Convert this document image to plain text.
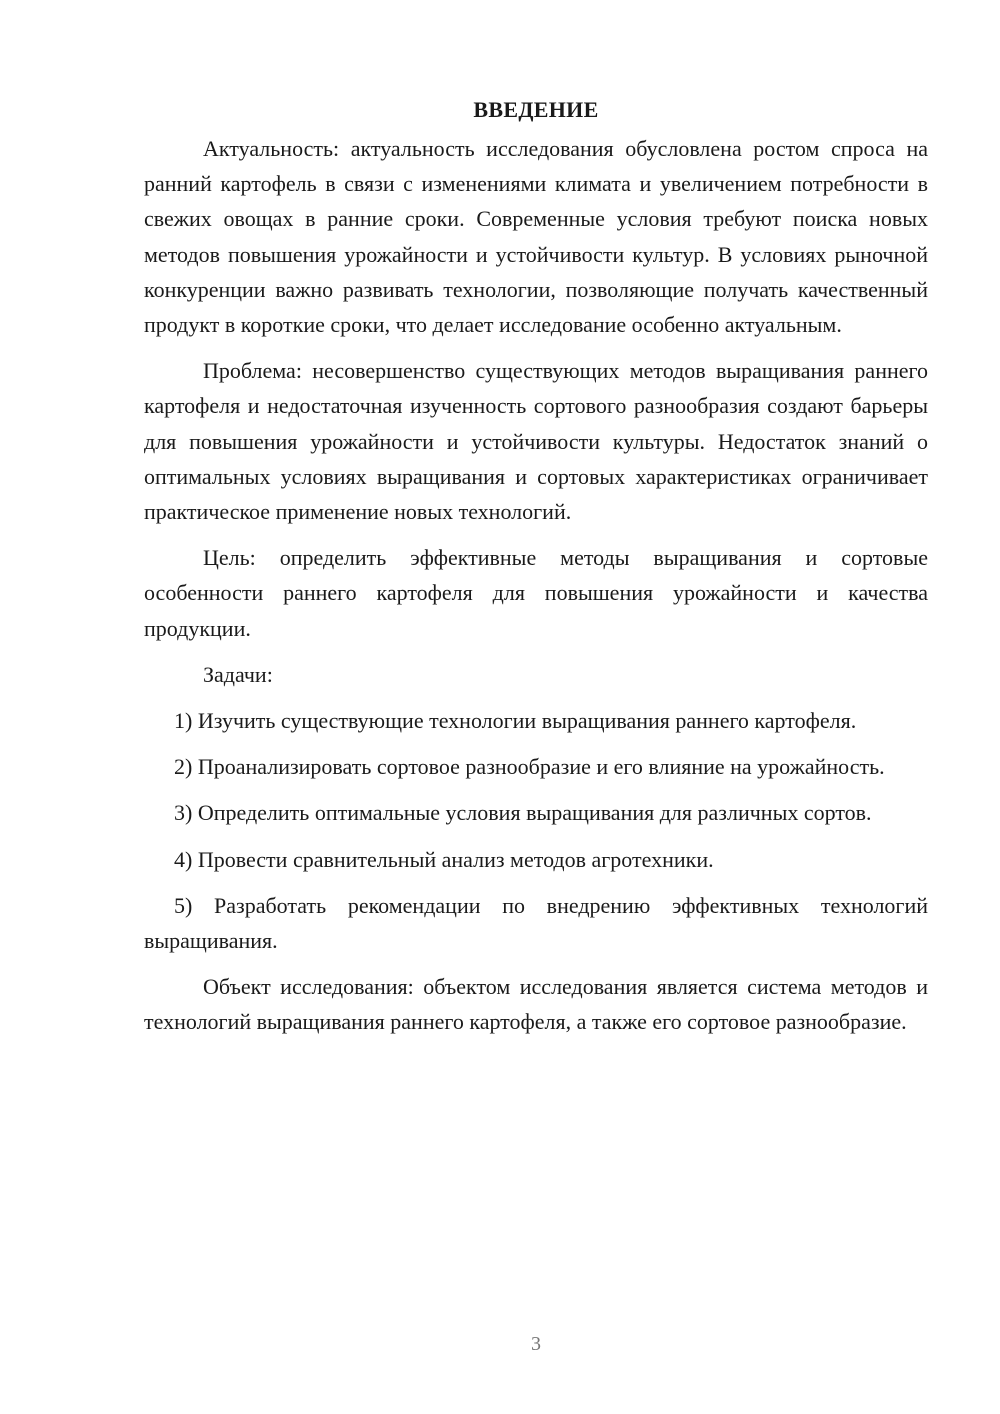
ВВЕДЕНИЕ

Актуальность: актуальность исследования обусловлена ростом спроса на ранний картофель в связи с изменениями климата и увеличением потребности в свежих овощах в ранние сроки. Современные условия требуют поиска новых методов повышения урожайности и устойчивости культур. В условиях рыночной конкуренции важно развивать технологии, позволяющие получать качественный продукт в короткие сроки, что делает исследование особенно актуальным.

Проблема: несовершенство существующих методов выращивания раннего картофеля и недостаточная изученность сортового разнообразия создают барьеры для повышения урожайности и устойчивости культуры. Недостаток знаний о оптимальных условиях выращивания и сортовых характеристиках ограничивает практическое применение новых технологий.

Цель: определить эффективные методы выращивания и сортовые особенности раннего картофеля для повышения урожайности и качества продукции.

Задачи:

1) Изучить существующие технологии выращивания раннего картофеля.

2) Проанализировать сортовое разнообразие и его влияние на урожайность.

3) Определить оптимальные условия выращивания для различных сортов.

4) Провести сравнительный анализ методов агротехники.

5) Разработать рекомендации по внедрению эффективных технологий выращивания.

Объект исследования: объектом исследования является система методов и технологий выращивания раннего картофеля, а также его сортовое разнообразие.

3
